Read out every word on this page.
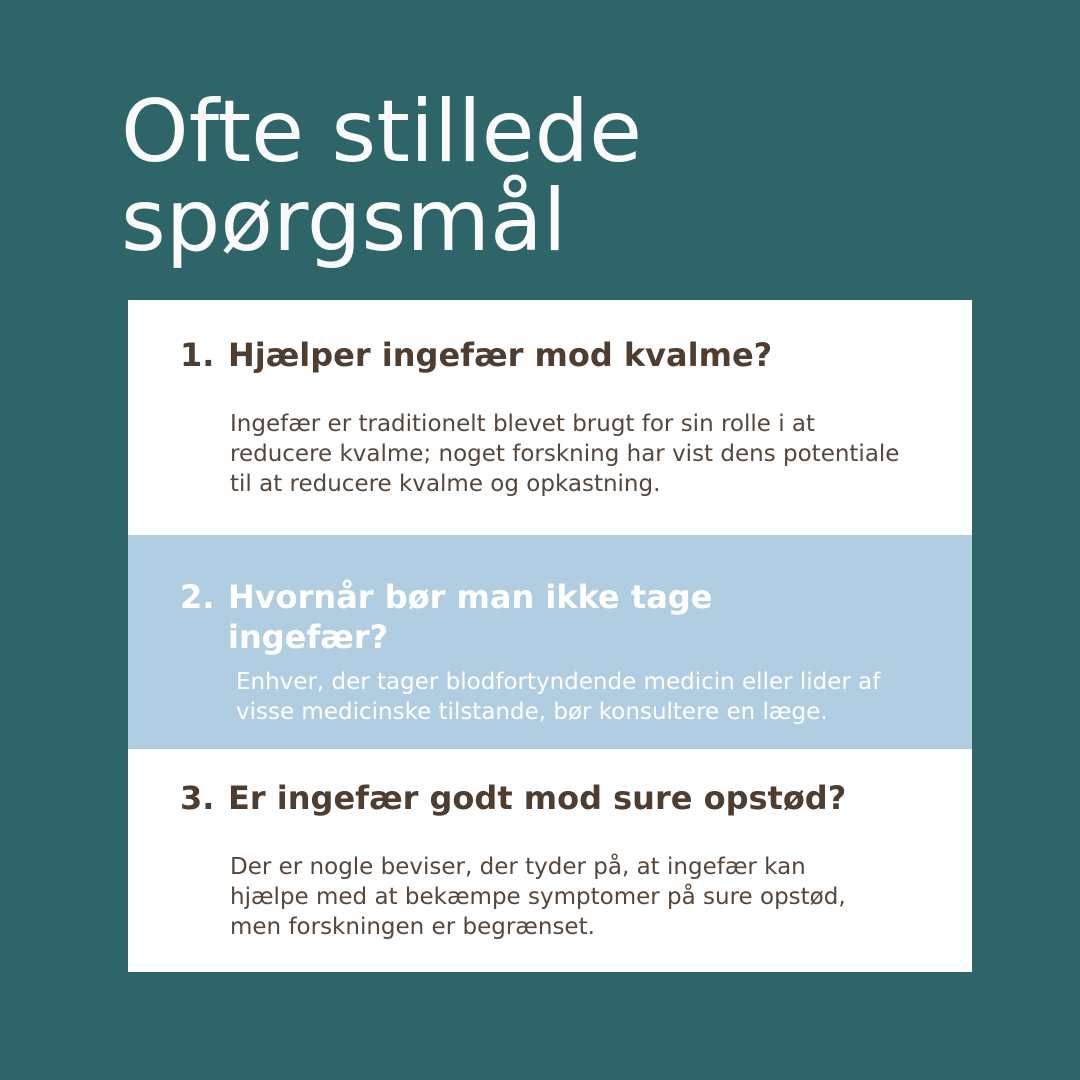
Ofte stillede
spørgsmål
1. Hjælper ingefær mod kvalme?

Ingefær er traditionelt blevet brugt for sin rolle i at reducere kvalme; noget forskning har vist dens potentiale til at reducere kvalme og opkastning.

2. Hvornår bør man ikke tage ingefær?

Enhver, der tager blodfortyndende medicin eller lider af visse medicinske tilstande, bør konsultere en læge.

3. Er ingefær godt mod sure opstød?

Der er nogle beviser, der tyder på, at ingefær kan hjælpe med at bekæmpe symptomer på sure opstød, men forskningen er begrænset.
